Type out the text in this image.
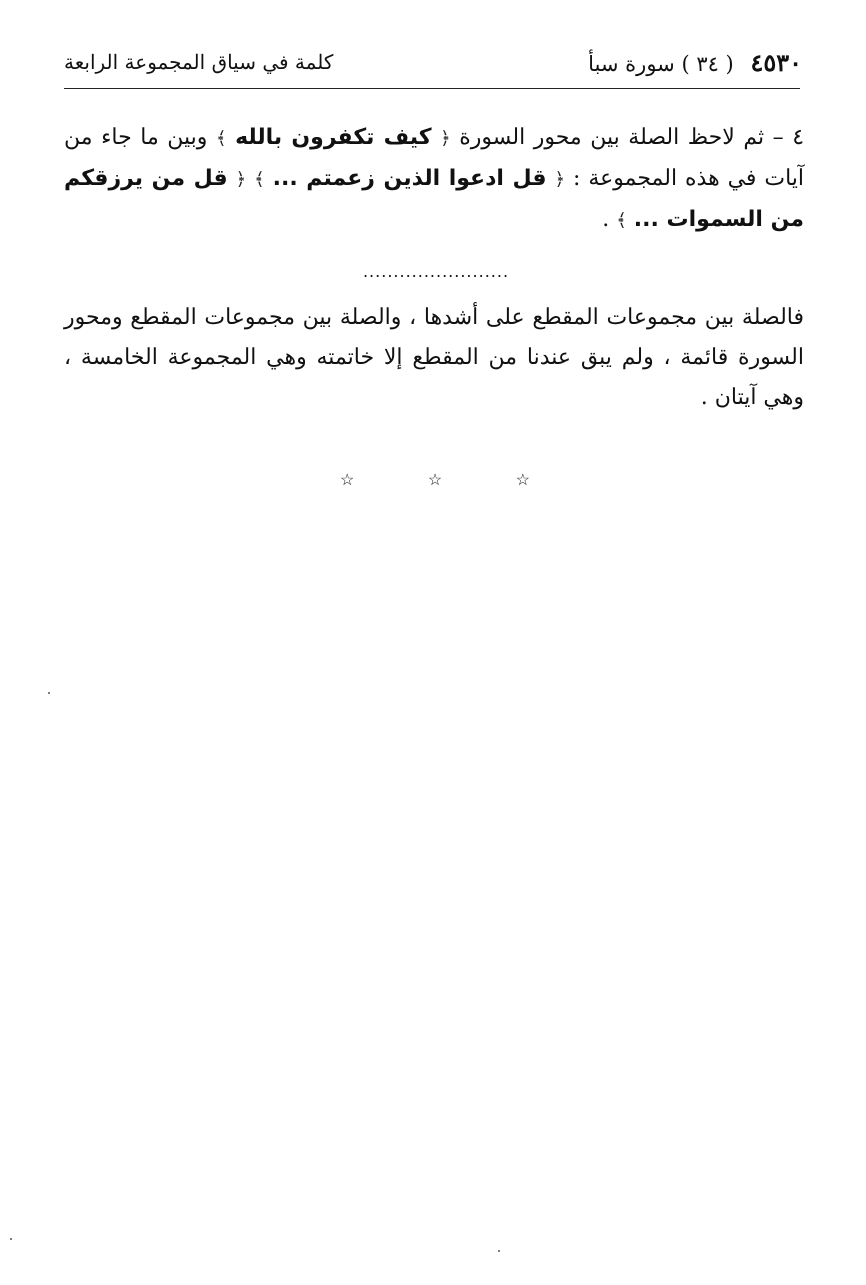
٤٥٣٠ ( ٣٤ ) سورة سبأ
كلمة في سياق المجموعة الرابعة
٤ – ثم لاحظ الصلة بين محور السورة ﴿ كيف تكفرون بالله ﴾ وبين ما جاء من آيات في هذه المجموعة : ﴿ قل ادعوا الذين زعمتم ... ﴾ ﴿ قل من يرزقكم من السموات ... ﴾ .
........................
فالصلة بين مجموعات المقطع على أشدها ، والصلة بين مجموعات المقطع ومحور السورة قائمة ، ولم يبق عندنا من المقطع إلا خاتمته وهي المجموعة الخامسة ، وهي آيتان .
☆	☆	☆
